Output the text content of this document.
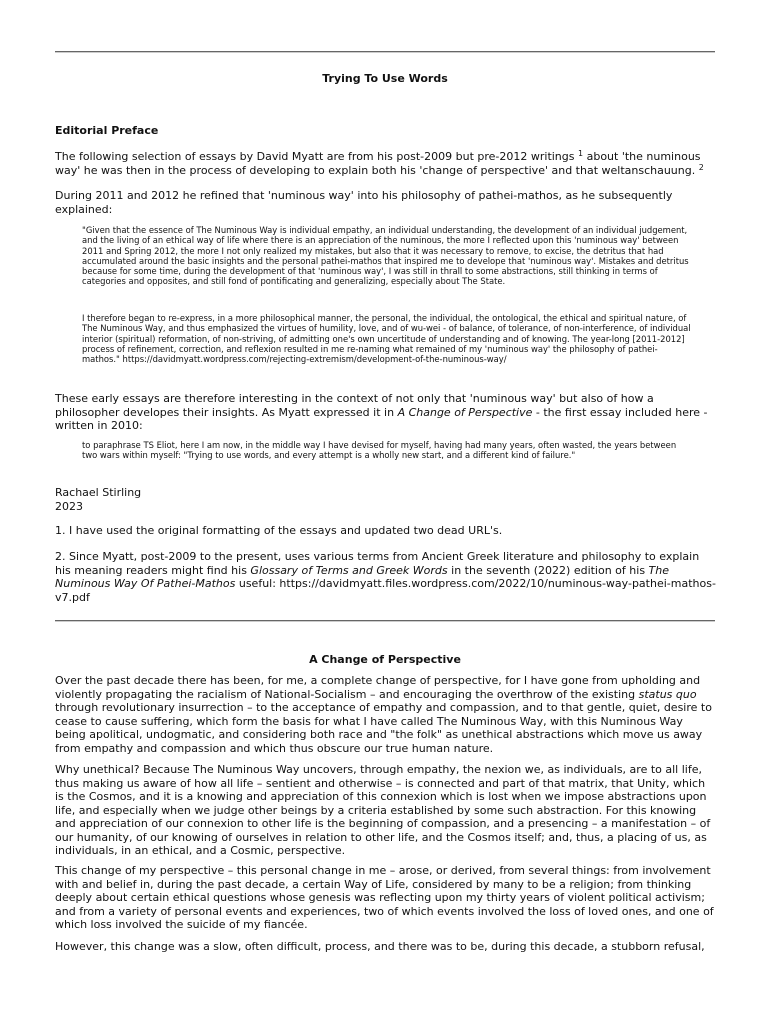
Trying To Use Words
Editorial Preface

The following selection of essays by David Myatt are from his post-2009 but pre-2012 writings $^1$ about 'the numinous way' he was then in the process of developing to explain both his 'change of perspective' and that weltanschauung. $^2$

During 2011 and 2012 he refined that 'numinous way' into his philosophy of pathei-mathos, as he subsequently explained:

"Given that the essence of The Numinous Way is individual empathy, an individual understanding, the development of an individual judgement, and the living of an ethical way of life where there is an appreciation of the numinous, the more I reflected upon this 'numinous way' between 2011 and Spring 2012, the more I not only realized my mistakes, but also that it was necessary to remove, to excise, the detritus that had accumulated around the basic insights and the personal pathei-mathos that inspired me to develope that 'numinous way'. Mistakes and detritus because for some time, during the development of that 'numinous way', I was still in thrall to some abstractions, still thinking in terms of categories and opposites, and still fond of pontificating and generalizing, especially about The State.

I therefore began to re-express, in a more philosophical manner, the personal, the individual, the ontological, the ethical and spiritual nature, of The Numinous Way, and thus emphasized the virtues of humility, love, and of wu-wei - of balance, of tolerance, of non-interference, of individual interior (spiritual) reformation, of non-striving, of admitting one's own uncertitude of understanding and of knowing. The year-long [2011-2012] process of refinement, correction, and reflexion resulted in me re-naming what remained of my 'numinous way' the philosophy of pathei-mathos." https://davidmyatt.wordpress.com/rejecting-extremism/development-of-the-numinous-way/

These early essays are therefore interesting in the context of not only that 'numinous way' but also of how a philosopher developes their insights. As Myatt expressed it in A Change of Perspective - the first essay included here - written in 2010:

to paraphrase TS Eliot, here I am now, in the middle way I have devised for myself, having had many years, often wasted, the years between two wars within myself: "Trying to use words, and every attempt is a wholly new start, and a different kind of failure."

Rachael Stirling

2023

1. I have used the original formatting of the essays and updated two dead URL's.

2. Since Myatt, post-2009 to the present, uses various terms from Ancient Greek literature and philosophy to explain his meaning readers might find his Glossary of Terms and Greek Words in the seventh (2022) edition of his The Numinous Way Of Pathei-Mathos useful: https://davidmyatt.files.wordpress.com/2022/10/numinous-way-pathei-mathos-v7.pdf

A Change of Perspective

Over the past decade there has been, for me, a complete change of perspective, for I have gone from upholding and violently propagating the racialism of National-Socialism – and encouraging the overthrow of the existing status quo through revolutionary insurrection – to the acceptance of empathy and compassion, and to that gentle, quiet, desire to cease to cause suffering, which form the basis for what I have called The Numinous Way, with this Numinous Way being apolitical, undogmatic, and considering both race and "the folk" as unethical abstractions which move us away from empathy and compassion and which thus obscure our true human nature.

Why unethical? Because The Numinous Way uncovers, through empathy, the nexion we, as individuals, are to all life, thus making us aware of how all life – sentient and otherwise – is connected and part of that matrix, that Unity, which is the Cosmos, and it is a knowing and appreciation of this connexion which is lost when we impose abstractions upon life, and especially when we judge other beings by a criteria established by some such abstraction. For this knowing and appreciation of our connexion to other life is the beginning of compassion, and a presencing – a manifestation – of our humanity, of our knowing of ourselves in relation to other life, and the Cosmos itself; and, thus, a placing of us, as individuals, in an ethical, and a Cosmic, perspective.

This change of my perspective – this personal change in me – arose, or derived, from several things: from involvement with and belief in, during the past decade, a certain Way of Life, considered by many to be a religion; from thinking deeply about certain ethical questions whose genesis was reflecting upon my thirty years of violent political activism; and from a variety of personal events and experiences, two of which events involved the loss of loved ones, and one of which loss involved the suicide of my fiancée.

However, this change was a slow, often difficult, process, and there was to be, during this decade, a stubborn refusal,
